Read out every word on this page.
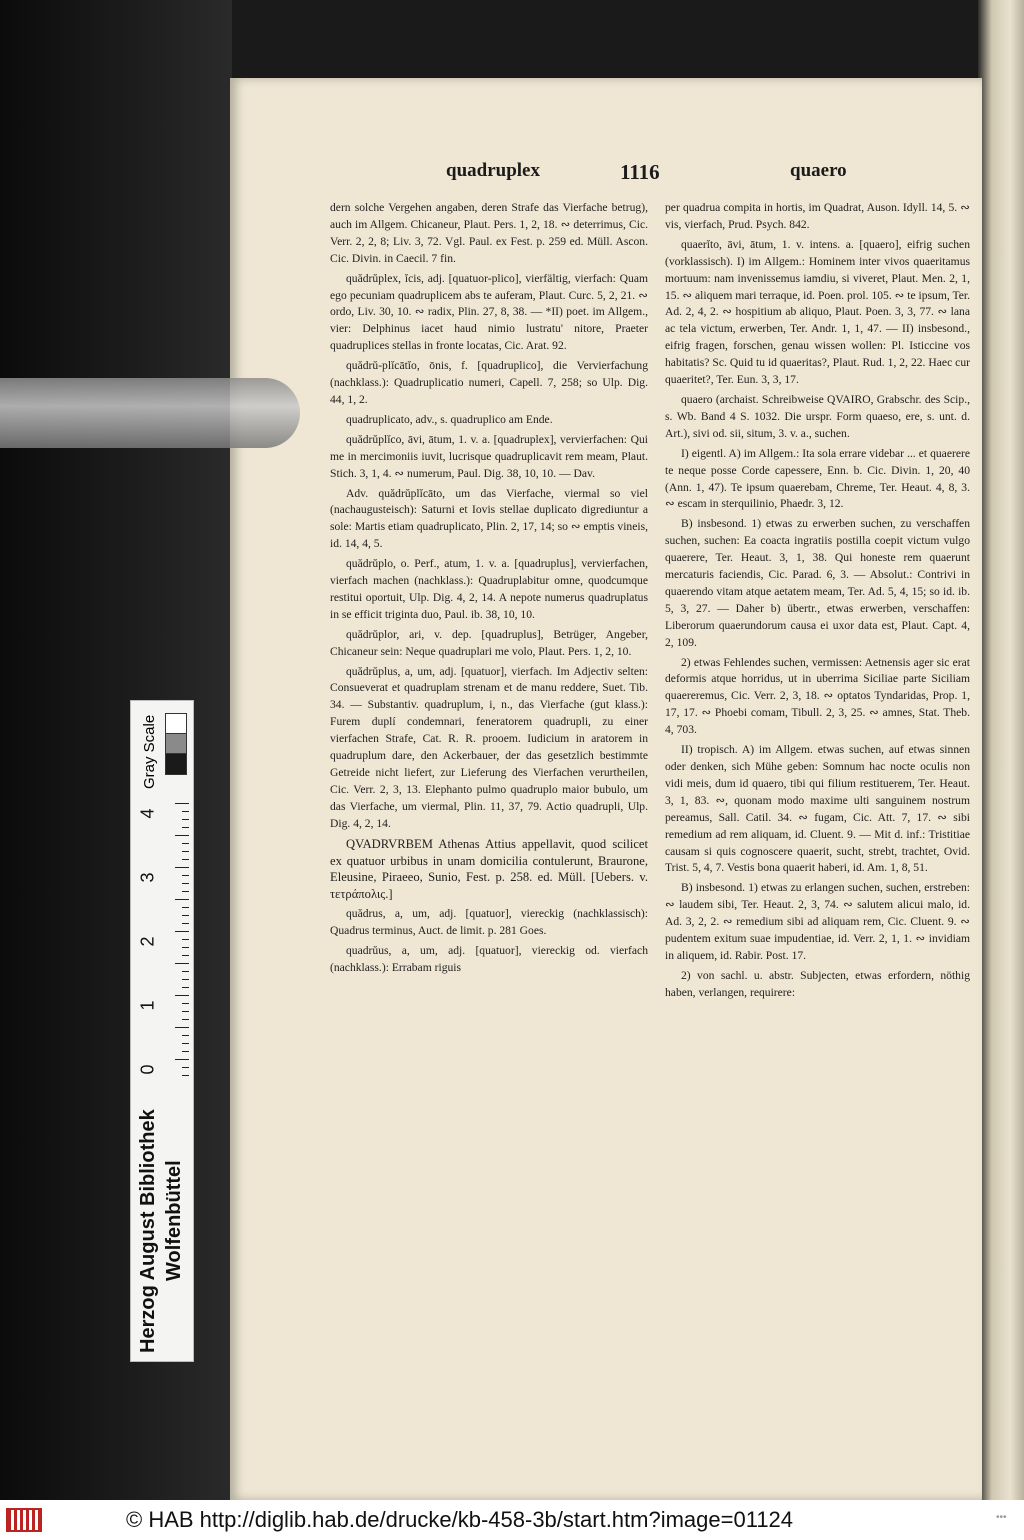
quadruplex	1116	quaero

dern solche Vergehen angaben, deren Strafe das Vierfache betrug), auch im Allgem. Chicaneur, Plaut. Pers. 1, 2, 18. ∾ deterrimus, Cic. Verr. 2, 2, 8; Liv. 3, 72. Vgl. Paul. ex Fest. p. 259 ed. Müll. Ascon. Cic. Divin. in Caecil. 7 fin.

quădrŭplex, ĭcis, adj. [quatuor-plico], vierfältig, vierfach: Quam ego pecuniam quadruplicem abs te auferam, Plaut. Curc. 5, 2, 21. ∾ ordo, Liv. 30, 10. ∾ radix, Plin. 27, 8, 38. — *II) poet. im Allgem., vier: Delphinus iacet haud nimio lustratu' nitore, Praeter quadruplices stellas in fronte locatas, Cic. Arat. 92.

quădrŭ-plĭcātĭo, ōnis, f. [quadruplico], die Vervierfachung (nachklass.): Quadruplicatio numeri, Capell. 7, 258; so Ulp. Dig. 44, 1, 2.

quadruplicato, adv., s. quadruplico am Ende.

quădrŭplĭco, āvi, ātum, 1. v. a. [quadruplex], vervierfachen: Qui me in mercimoniis iuvit, lucrisque quadruplicavit rem meam, Plaut. Stich. 3, 1, 4. ∾ numerum, Paul. Dig. 38, 10, 10. — Dav.

Adv. quădrŭplĭcāto, um das Vierfache, viermal so viel (nachaugusteisch): Saturni et Iovis stellae duplicato digrediuntur a sole: Martis etiam quadruplicato, Plin. 2, 17, 14; so ∾ emptis vineis, id. 14, 4, 5.

quădrŭplo, o. Perf., atum, 1. v. a. [quadruplus], vervierfachen, vierfach machen (nachklass.): Quadruplabitur omne, quodcumque restitui oportuit, Ulp. Dig. 4, 2, 14. A nepote numerus quadruplatus in se efficit triginta duo, Paul. ib. 38, 10, 10.

quădrŭplor, ari, v. dep. [quadruplus], Betrüger, Angeber, Chicaneur sein: Neque quadruplari me volo, Plaut. Pers. 1, 2, 10.

quădrŭplus, a, um, adj. [quatuor], vierfach. Im Adjectiv selten: Consueverat et quadruplam strenam et de manu reddere, Suet. Tib. 34. — Substantiv. quadruplum, i, n., das Vierfache (gut klass.): Furem duplí condemnari, feneratorem quadrupli, zu einer vierfachen Strafe, Cat. R. R. prooem. Iudicium in aratorem in quadruplum dare, den Ackerbauer, der das gesetzlich bestimmte Getreide nicht liefert, zur Lieferung des Vierfachen verurtheilen, Cic. Verr. 2, 3, 13. Elephanto pulmo quadruplo maior bubulo, um das Vierfache, um viermal, Plin. 11, 37, 79. Actio quadrupli, Ulp. Dig. 4, 2, 14.

QVADRVRBEM Athenas Attius appellavit, quod scilicet ex quatuor urbibus in unam domicilia contulerunt, Braurone, Eleusine, Piraeeo, Sunio, Fest. p. 258. ed. Müll. [Uebers. v. τετράπολις.]

quădrus, a, um, adj. [quatuor], viereckig (nachklassisch): Quadrus terminus, Auct. de limit. p. 281 Goes.

quadrŭus, a, um, adj. [quatuor], viereckig od. vierfach (nachklass.): Errabam riguis

per quadrua compita in hortis, im Quadrat, Auson. Idyll. 14, 5. ∾ vis, vierfach, Prud. Psych. 842.

quaerĭto, āvi, ātum, 1. v. intens. a. [quaero], eifrig suchen (vorklassisch). I) im Allgem.: Hominem inter vivos quaeritamus mortuum: nam invenissemus iamdiu, si viveret, Plaut. Men. 2, 1, 15. ∾ aliquem mari terraque, id. Poen. prol. 105. ∾ te ipsum, Ter. Ad. 2, 4, 2. ∾ hospitium ab aliquo, Plaut. Poen. 3, 3, 77. ∾ lana ac tela victum, erwerben, Ter. Andr. 1, 1, 47. — II) insbesond., eifrig fragen, forschen, genau wissen wollen: Pl. Isticcine vos habitatis? Sc. Quid tu id quaeritas?, Plaut. Rud. 1, 2, 22. Haec cur quaeritet?, Ter. Eun. 3, 3, 17.

quaero (archaist. Schreibweise QVAIRO, Grabschr. des Scip., s. Wb. Band 4 S. 1032. Die urspr. Form quaeso, ere, s. unt. d. Art.), sivi od. sii, situm, 3. v. a., suchen.

I) eigentl. A) im Allgem.: Ita sola errare videbar ... et quaerere te neque posse Corde capessere, Enn. b. Cic. Divin. 1, 20, 40 (Ann. 1, 47). Te ipsum quaerebam, Chreme, Ter. Heaut. 4, 8, 3. ∾ escam in sterquilinio, Phaedr. 3, 12.

B) insbesond. 1) etwas zu erwerben suchen, zu verschaffen suchen, suchen: Ea coacta ingratiis postilla coepit victum vulgo quaerere, Ter. Heaut. 3, 1, 38. Qui honeste rem quaerunt mercaturis faciendis, Cic. Parad. 6, 3. — Absolut.: Contrivi in quaerendo vitam atque aetatem meam, Ter. Ad. 5, 4, 15; so id. ib. 5, 3, 27. — Daher b) übertr., etwas erwerben, verschaffen: Liberorum quaerundorum causa ei uxor data est, Plaut. Capt. 4, 2, 109.

2) etwas Fehlendes suchen, vermissen: Aetnensis ager sic erat deformis atque horridus, ut in uberrima Siciliae parte Siciliam quaereremus, Cic. Verr. 2, 3, 18. ∾ optatos Tyndaridas, Prop. 1, 17, 17. ∾ Phoebi comam, Tibull. 2, 3, 25. ∾ amnes, Stat. Theb. 4, 703.

II) tropisch. A) im Allgem. etwas suchen, auf etwas sinnen oder denken, sich Mühe geben: Somnum hac nocte oculis non vidi meis, dum id quaero, tibi qui filium restituerem, Ter. Heaut. 3, 1, 83. ∾, quonam modo maxime ulti sanguinem nostrum pereamus, Sall. Catil. 34. ∾ fugam, Cic. Att. 7, 17. ∾ sibi remedium ad rem aliquam, id. Cluent. 9. — Mit d. inf.: Tristitiae causam si quis cognoscere quaerit, sucht, strebt, trachtet, Ovid. Trist. 5, 4, 7. Vestis bona quaerit haberi, id. Am. 1, 8, 51.

B) insbesond. 1) etwas zu erlangen suchen, suchen, erstreben: ∾ laudem sibi, Ter. Heaut. 2, 3, 74. ∾ salutem alicui malo, id. Ad. 3, 2, 2. ∾ remedium sibi ad aliquam rem, Cic. Cluent. 9. ∾ pudentem exitum suae impudentiae, id. Verr. 2, 1, 1. ∾ invidiam in aliquem, id. Rabir. Post. 17.

2) von sachl. u. abstr. Subjecten, etwas erfordern, nöthig haben, verlangen, requirere:

Gray Scale
4
3
2
1
0
Herzog August Bibliothek Wolfenbüttel
© HAB http://diglib.hab.de/drucke/kb-458-3b/start.htm?image=01124	•••
